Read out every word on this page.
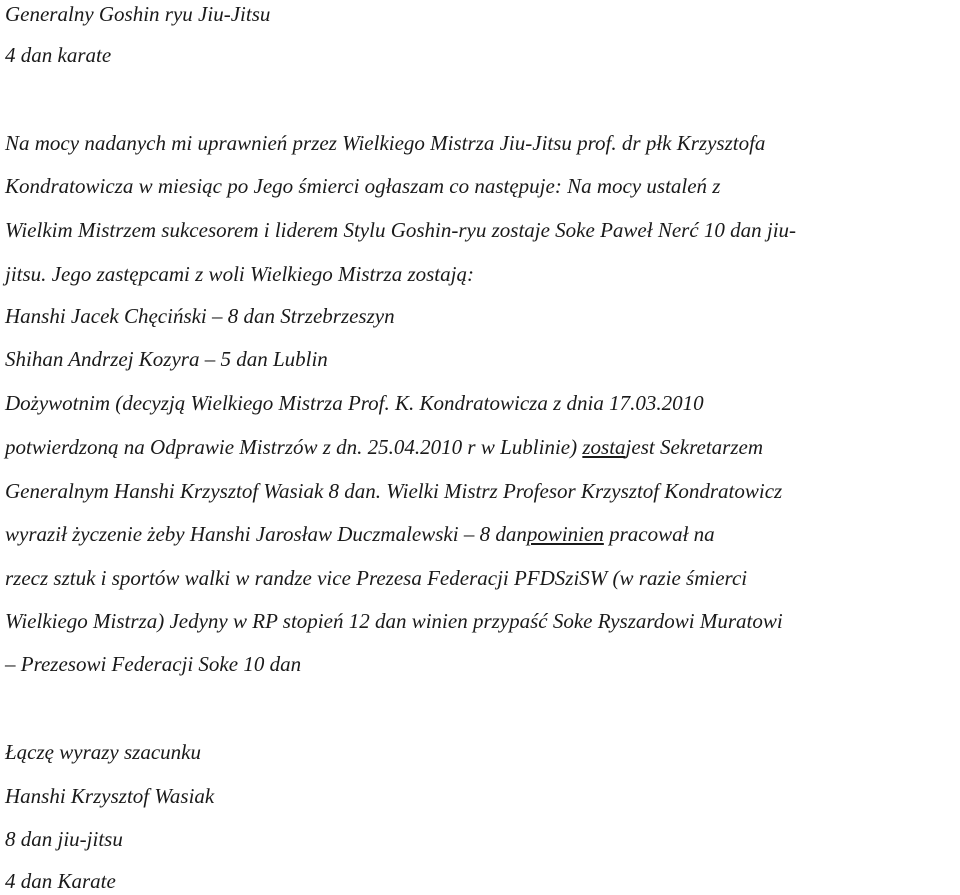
Generalny Goshin ryu Jiu-Jitsu
4 dan karate
Na mocy nadanych mi uprawnień przez Wielkiego Mistrza Jiu-Jitsu prof. dr płk Krzysztofa
Kondratowicza w miesiąc po Jego śmierci ogłaszam co następuje: Na mocy ustaleń z
Wielkim Mistrzem sukcesorem i liderem Stylu Goshin-ryu zostaje Soke Paweł Nerć 10 dan jiu-
jitsu. Jego zastępcami z woli Wielkiego Mistrza zostają:
Hanshi Jacek Chęciński – 8 dan Strzebrzeszyn
Shihan Andrzej Kozyra – 5 dan Lublin
Dożywotnim (decyzją Wielkiego Mistrza Prof. K. Kondratowicza z dnia 17.03.2010
potwierdzoną na Odprawie Mistrzów z dn. 25.04.2010 r w Lublinie) zostajest Sekretarzem
Generalnym Hanshi Krzysztof Wasiak 8 dan. Wielki Mistrz Profesor Krzysztof Kondratowicz
wyraził życzenie żeby Hanshi Jarosław Duczmalewski – 8 danpowinien pracował na
rzecz sztuk i sportów walki w randze vice Prezesa Federacji PFDSziSW (w razie śmierci
Wielkiego Mistrza) Jedyny w RP stopień 12 dan winien przypaść Soke Ryszardowi Muratowi
– Prezesowi Federacji Soke 10 dan
Łączę wyrazy szacunku
Hanshi Krzysztof Wasiak
8 dan jiu-jitsu
4 dan Karate
